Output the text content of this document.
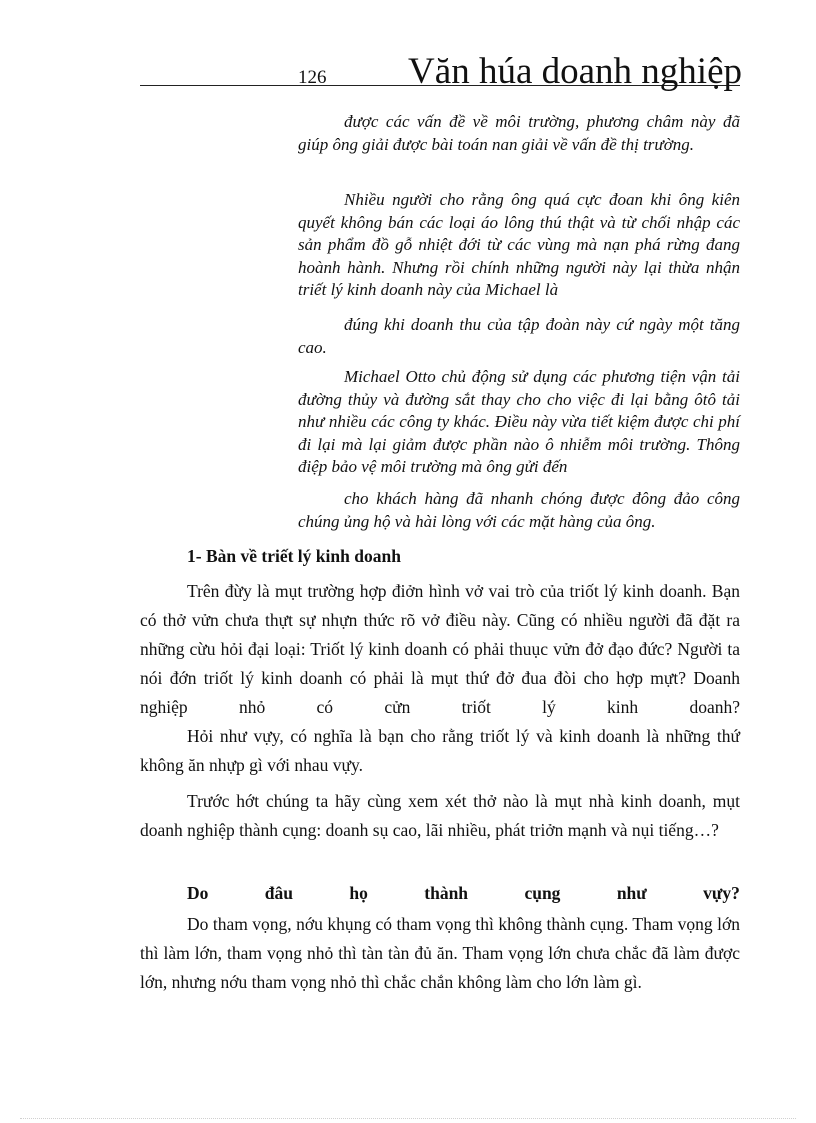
126 Văn húa doanh nghiệp

được các vấn đề về môi trường, phương châm này đã giúp ông giải được bài toán nan giải về vấn đề thị trường.

Nhiều người cho rằng ông quá cực đoan khi ông kiên quyết không bán các loại áo lông thú thật và từ chối nhập các sản phẩm đồ gỗ nhiệt đới từ các vùng mà nạn phá rừng đang hoành hành. Nhưng rồi chính những người này lại thừa nhận triết lý kinh doanh này của Michael là

đúng khi doanh thu của tập đoàn này cứ ngày một tăng cao.

Michael Otto chủ động sử dụng các phương tiện vận tải đường thủy và đường sắt thay cho cho việc đi lại bằng ôtô tải như nhiều các công ty khác. Điều này vừa tiết kiệm được chi phí đi lại mà lại giảm được phần nào ô nhiễm môi trường. Thông điệp bảo vệ môi trường mà ông gửi đến

cho khách hàng đã nhanh chóng được đông đảo công chúng ủng hộ và hài lòng với các mặt hàng của ông.

1- Bàn về triết lý kinh doanh

Trên đừy là mụt trường hợp điởn hình vở vai trò của triốt lý kinh doanh. Bạn có thở vửn chưa thựt sự nhựn thức rõ vở điều này. Cũng có nhiều người đã đặt ra những cừu hỏi đại loại: Triốt lý kinh doanh có phải thuục vửn đở đạo đức? Người ta nói đớn triốt lý kinh doanh có phải là mụt thứ đở đua đòi cho hợp mựt? Doanh nghiệp nhỏ có cửn triốt lý kinh doanh?

Hỏi như vựy, có nghĩa là bạn cho rằng triốt lý và kinh doanh là những thứ không ăn nhựp gì với nhau vựy.

Trước hớt chúng ta hãy cùng xem xét thở nào là mụt nhà kinh doanh, mụt doanh nghiệp thành cụng: doanh sụ cao, lãi nhiều, phát triởn mạnh và nụi tiếng…?

Do	đâu	họ	thành	cụng	như	vựy?

Do tham vọng, nớu khụng có tham vọng thì không thành cụng. Tham vọng lớn thì làm lớn, tham vọng nhỏ thì tàn tàn đủ ăn. Tham vọng lớn chưa chắc đã làm được lớn, nhưng nớu tham vọng nhỏ thì chắc chắn không làm cho lớn làm gì.
